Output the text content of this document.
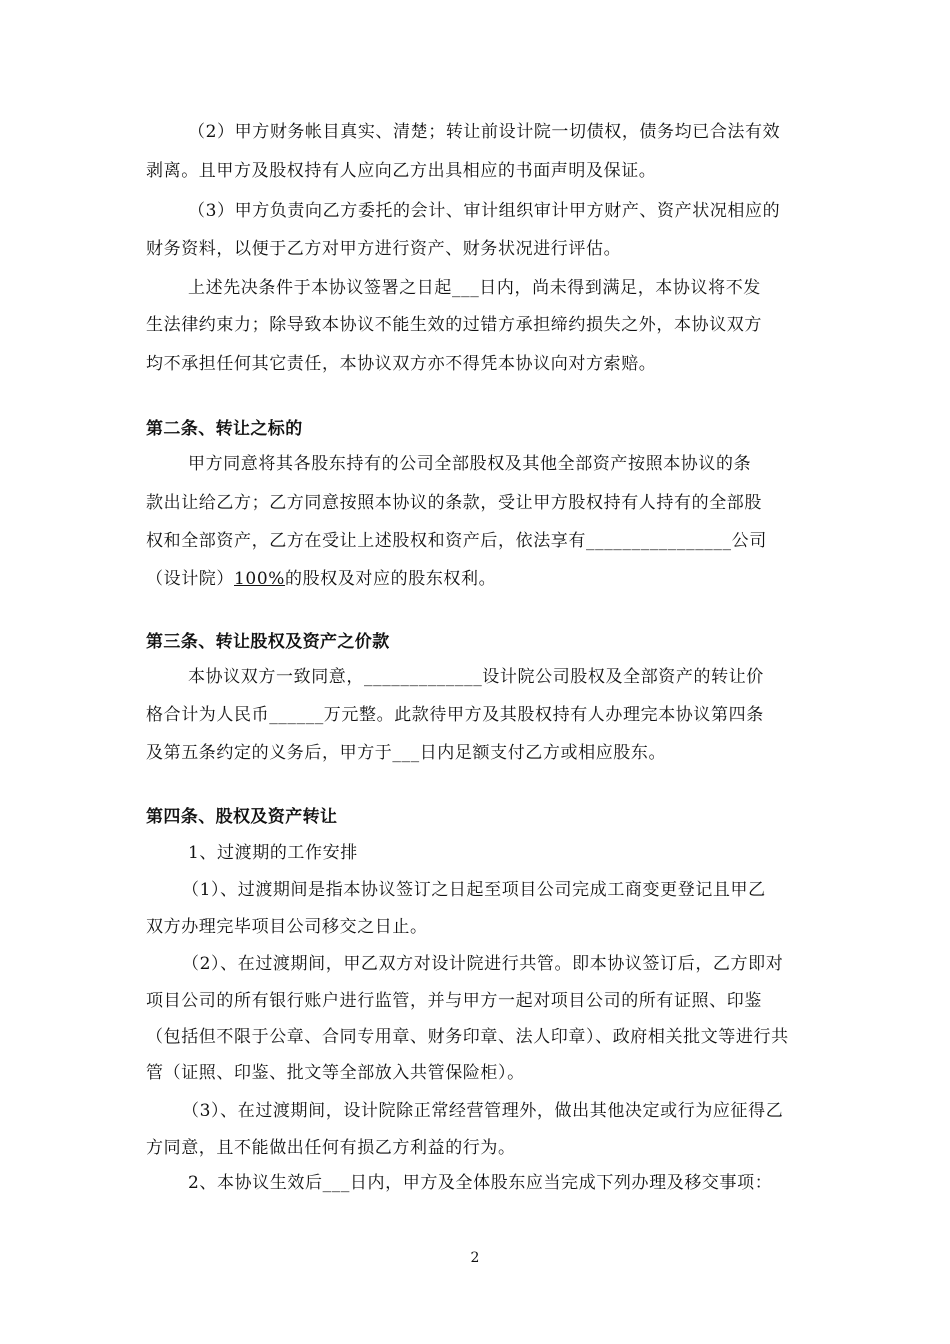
（2）甲方财务帐目真实、清楚；转让前设计院一切债权，债务均已合法有效
剥离。且甲方及股权持有人应向乙方出具相应的书面声明及保证。
（3）甲方负责向乙方委托的会计、审计组织审计甲方财产、资产状况相应的
财务资料，以便于乙方对甲方进行资产、财务状况进行评估。
上述先决条件于本协议签署之日起___日内，尚未得到满足，本协议将不发
生法律约束力；除导致本协议不能生效的过错方承担缔约损失之外，本协议双方
均不承担任何其它责任，本协议双方亦不得凭本协议向对方索赔。
第二条、转让之标的
甲方同意将其各股东持有的公司全部股权及其他全部资产按照本协议的条
款出让给乙方；乙方同意按照本协议的条款，受让甲方股权持有人持有的全部股
权和全部资产，乙方在受让上述股权和资产后，依法享有________________公司
（设计院）100%的股权及对应的股东权利。
第三条、转让股权及资产之价款
本协议双方一致同意，_____________设计院公司股权及全部资产的转让价
格合计为人民币______万元整。此款待甲方及其股权持有人办理完本协议第四条
及第五条约定的义务后，甲方于___日内足额支付乙方或相应股东。
第四条、股权及资产转让
1、过渡期的工作安排
（1）、过渡期间是指本协议签订之日起至项目公司完成工商变更登记且甲乙
双方办理完毕项目公司移交之日止。
（2）、在过渡期间，甲乙双方对设计院进行共管。即本协议签订后，乙方即对
项目公司的所有银行账户进行监管，并与甲方一起对项目公司的所有证照、印鉴
（包括但不限于公章、合同专用章、财务印章、法人印章）、政府相关批文等进行共
管（证照、印鉴、批文等全部放入共管保险柜）。
（3）、在过渡期间，设计院除正常经营管理外，做出其他决定或行为应征得乙
方同意，且不能做出任何有损乙方利益的行为。
2、本协议生效后___日内，甲方及全体股东应当完成下列办理及移交事项：
2
